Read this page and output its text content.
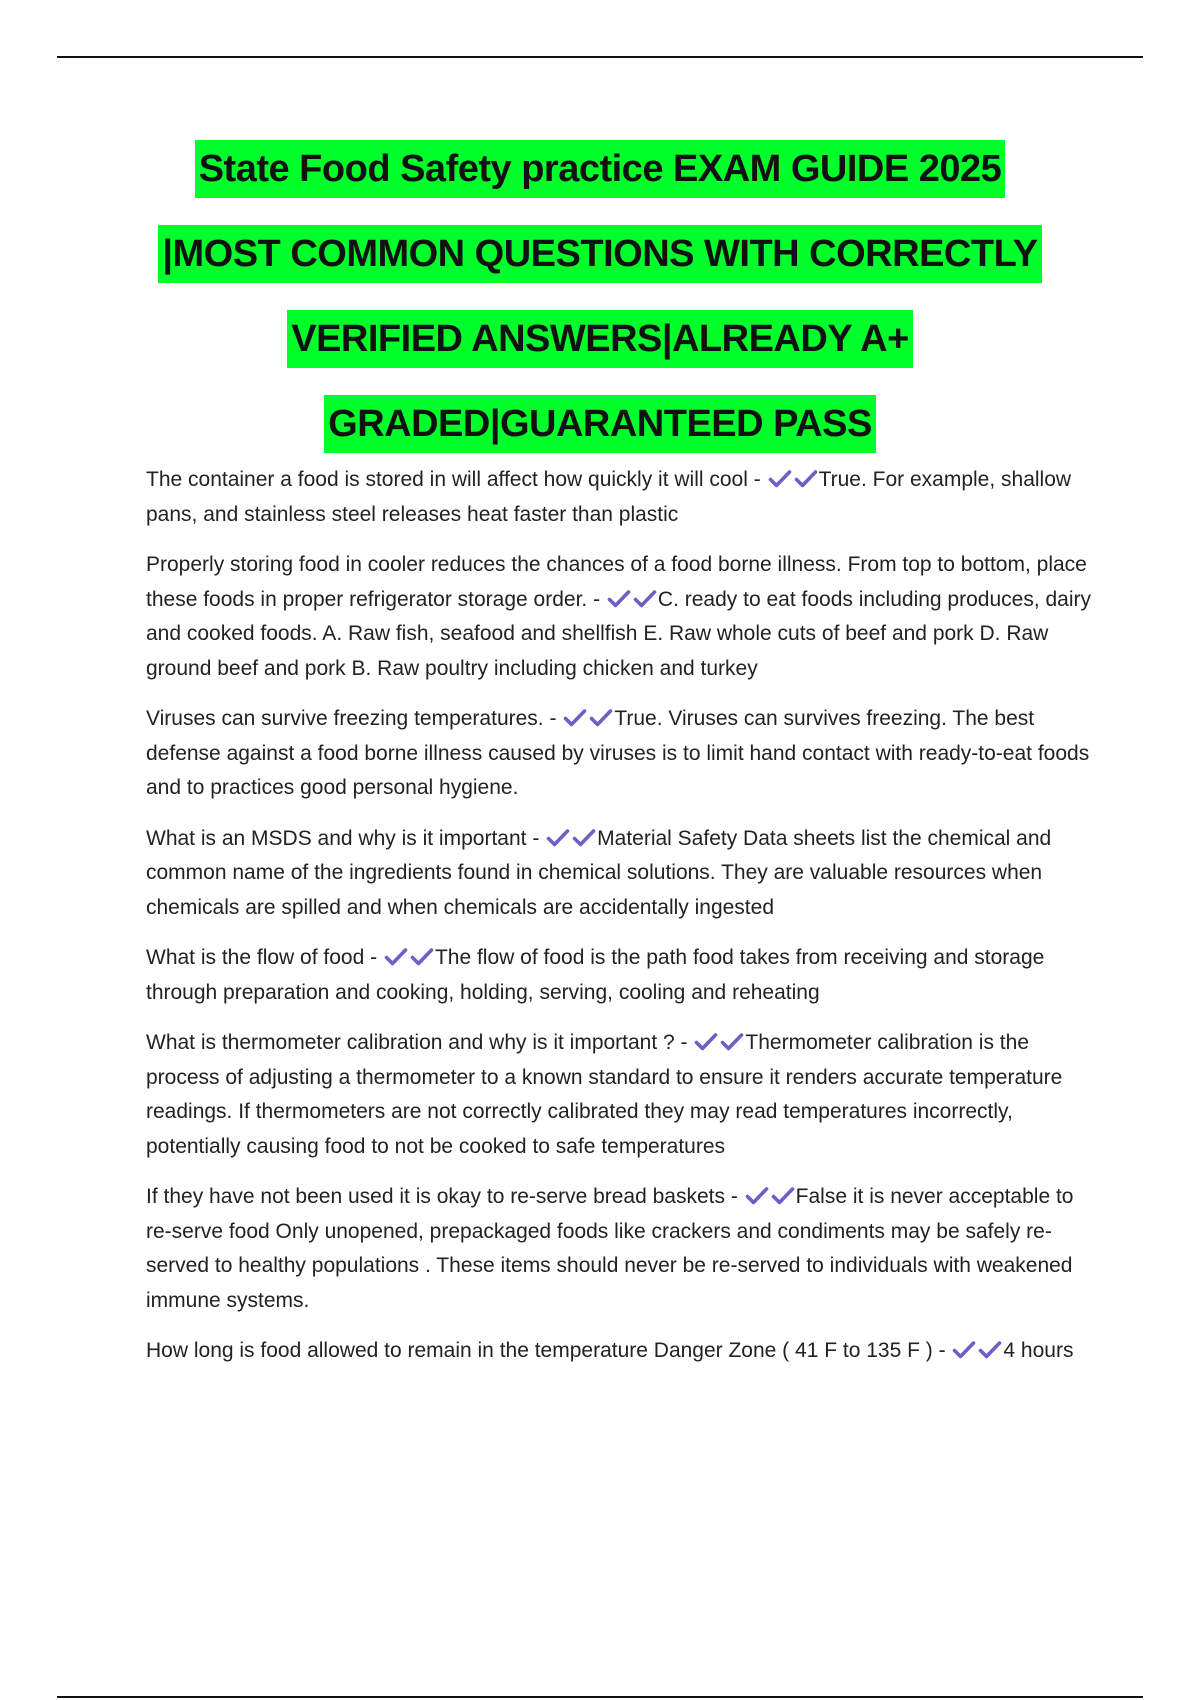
State Food Safety practice EXAM GUIDE 2025
|MOST COMMON QUESTIONS WITH CORRECTLY
VERIFIED ANSWERS|ALREADY A+
GRADED|GUARANTEED PASS

The container a food is stored in will affect how quickly it will cool -
True. For example, shallow pans, and stainless steel releases heat faster than plastic

Properly storing food in cooler reduces the chances of a food borne illness. From top to bottom, place these foods in proper refrigerator storage order. -
C. ready to eat foods including produces, dairy and cooked foods. A. Raw fish, seafood and shellfish E. Raw whole cuts of beef and pork D. Raw ground beef and pork B. Raw poultry including chicken and turkey

Viruses can survive freezing temperatures. -
True. Viruses can survives freezing. The best defense against a food borne illness caused by viruses is to limit hand contact with ready-to-eat foods and to practices good personal hygiene.

What is an MSDS and why is it important -
Material Safety Data sheets list the chemical and common name of the ingredients found in chemical solutions. They are valuable resources when chemicals are spilled and when chemicals are accidentally ingested

What is the flow of food -
The flow of food is the path food takes from receiving and storage through preparation and cooking, holding, serving, cooling and reheating

What is thermometer calibration and why is it important ? -
Thermometer calibration is the process of adjusting a thermometer to a known standard to ensure it renders accurate temperature readings. If thermometers are not correctly calibrated they may read temperatures incorrectly, potentially causing food to not be cooked to safe temperatures

If they have not been used it is okay to re-serve bread baskets -
False it is never acceptable to re-serve food Only unopened, prepackaged foods like crackers and condiments may be safely re-served to healthy populations . These items should never be re-served to individuals with weakened immune systems.

How long is food allowed to remain in the temperature Danger Zone ( 41 F to 135 F ) -
4 hours
